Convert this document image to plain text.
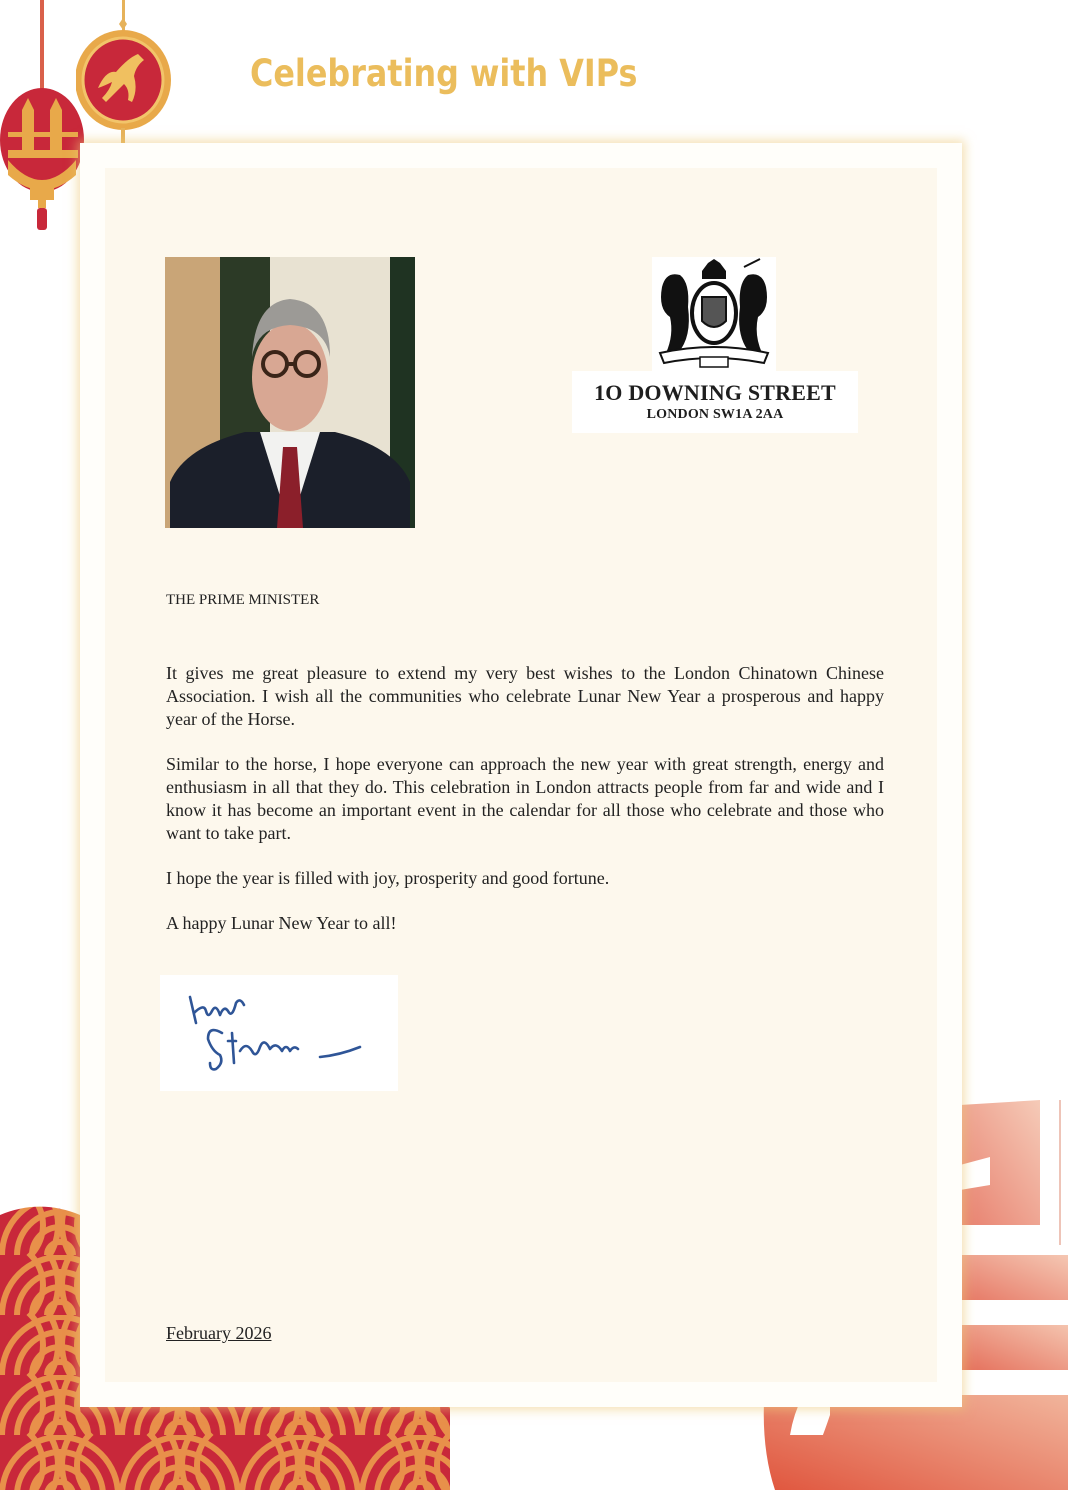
Celebrating with VIPs
1O DOWNING STREET
LONDON SW1A 2AA
THE PRIME MINISTER

It gives me great pleasure to extend my very best wishes to the London Chinatown Chinese Association. I wish all the communities who celebrate Lunar New Year a prosperous and happy year of the Horse.

Similar to the horse, I hope everyone can approach the new year with great strength, energy and enthusiasm in all that they do. This celebration in London attracts people from far and wide and I know it has become an important event in the calendar for all those who celebrate and those who want to take part.

I hope the year is filled with joy, prosperity and good fortune.

A happy Lunar New Year to all!

February 2026
